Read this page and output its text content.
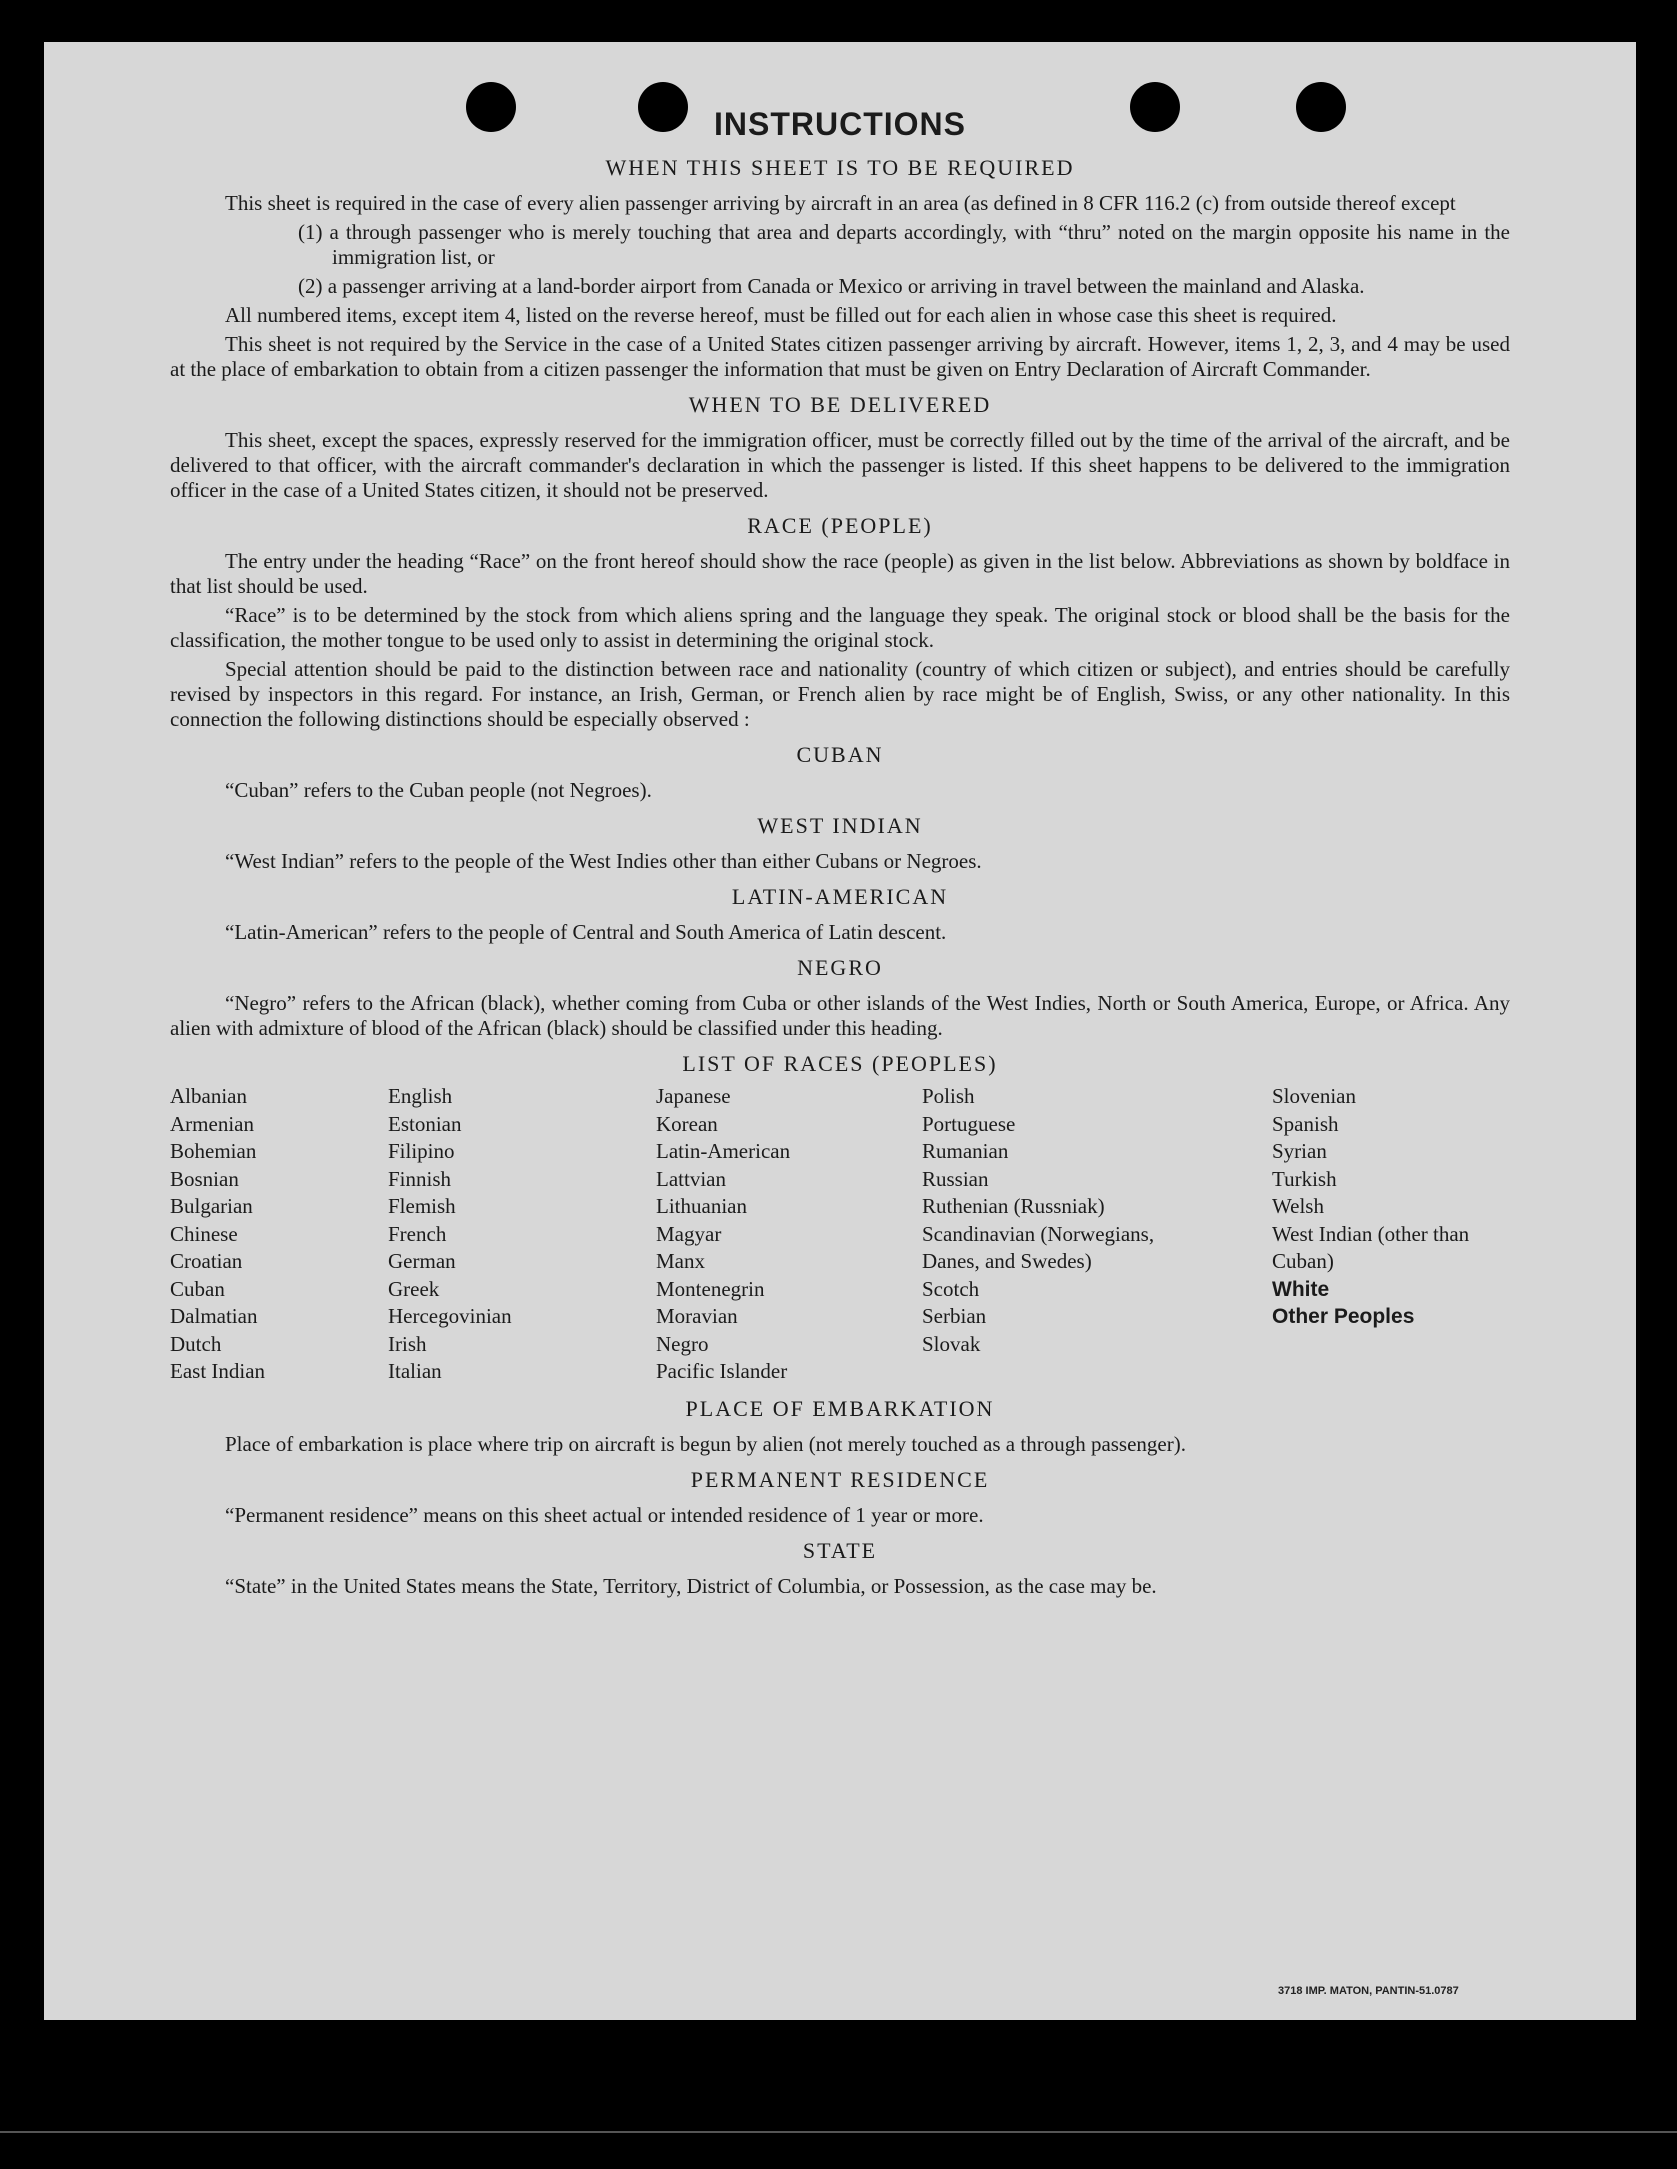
INSTRUCTIONS
WHEN THIS SHEET IS TO BE REQUIRED

This sheet is required in the case of every alien passenger arriving by aircraft in an area (as defined in 8 CFR 116.2 (c) from outside thereof except

(1) a through passenger who is merely touching that area and departs accordingly, with “thru” noted on the margin opposite his name in the immigration list, or

(2) a passenger arriving at a land-border airport from Canada or Mexico or arriving in travel between the mainland and Alaska.

All numbered items, except item 4, listed on the reverse hereof, must be filled out for each alien in whose case this sheet is required.

This sheet is not required by the Service in the case of a United States citizen passenger arriving by aircraft. However, items 1, 2, 3, and 4 may be used at the place of embarkation to obtain from a citizen passenger the information that must be given on Entry Declaration of Aircraft Commander.

WHEN TO BE DELIVERED

This sheet, except the spaces, expressly reserved for the immigration officer, must be correctly filled out by the time of the arrival of the aircraft, and be delivered to that officer, with the aircraft commander's declaration in which the passenger is listed. If this sheet happens to be delivered to the immigration officer in the case of a United States citizen, it should not be preserved.

RACE (PEOPLE)

The entry under the heading “Race” on the front hereof should show the race (people) as given in the list below. Abbreviations as shown by boldface in that list should be used.

“Race” is to be determined by the stock from which aliens spring and the language they speak. The original stock or blood shall be the basis for the classification, the mother tongue to be used only to assist in determining the original stock.

Special attention should be paid to the distinction between race and nationality (country of which citizen or subject), and entries should be carefully revised by inspectors in this regard. For instance, an Irish, German, or French alien by race might be of English, Swiss, or any other nationality. In this connection the following distinctions should be especially observed :

CUBAN

“Cuban” refers to the Cuban people (not Negroes).

WEST INDIAN

“West Indian” refers to the people of the West Indies other than either Cubans or Negroes.

LATIN-AMERICAN

“Latin-American” refers to the people of Central and South America of Latin descent.

NEGRO

“Negro” refers to the African (black), whether coming from Cuba or other islands of the West Indies, North or South America, Europe, or Africa. Any alien with admixture of blood of the African (black) should be classified under this heading.

LIST OF RACES (PEOPLES)
Albanian
Armenian
Bohemian
Bosnian
Bulgarian
Chinese
Croatian
Cuban
Dalmatian
Dutch
East Indian
English
Estonian
Filipino
Finnish
Flemish
French
German
Greek
Hercegovinian
Irish
Italian
Japanese
Korean
Latin-American
Lattvian
Lithuanian
Magyar
Manx
Montenegrin
Moravian
Negro
Pacific Islander
Polish
Portuguese
Rumanian
Russian
Ruthenian (Russniak)
Scandinavian (Norwegians, Danes, and Swedes)
Scotch
Serbian
Slovak
Slovenian
Spanish
Syrian
Turkish
Welsh
West Indian (other than Cuban)
White
Other Peoples
PLACE OF EMBARKATION

Place of embarkation is place where trip on aircraft is begun by alien (not merely touched as a through passenger).

PERMANENT RESIDENCE

“Permanent residence” means on this sheet actual or intended residence of 1 year or more.

STATE

“State” in the United States means the State, Territory, District of Columbia, or Possession, as the case may be.

3718 IMP. MATON, PANTIN-51.0787
